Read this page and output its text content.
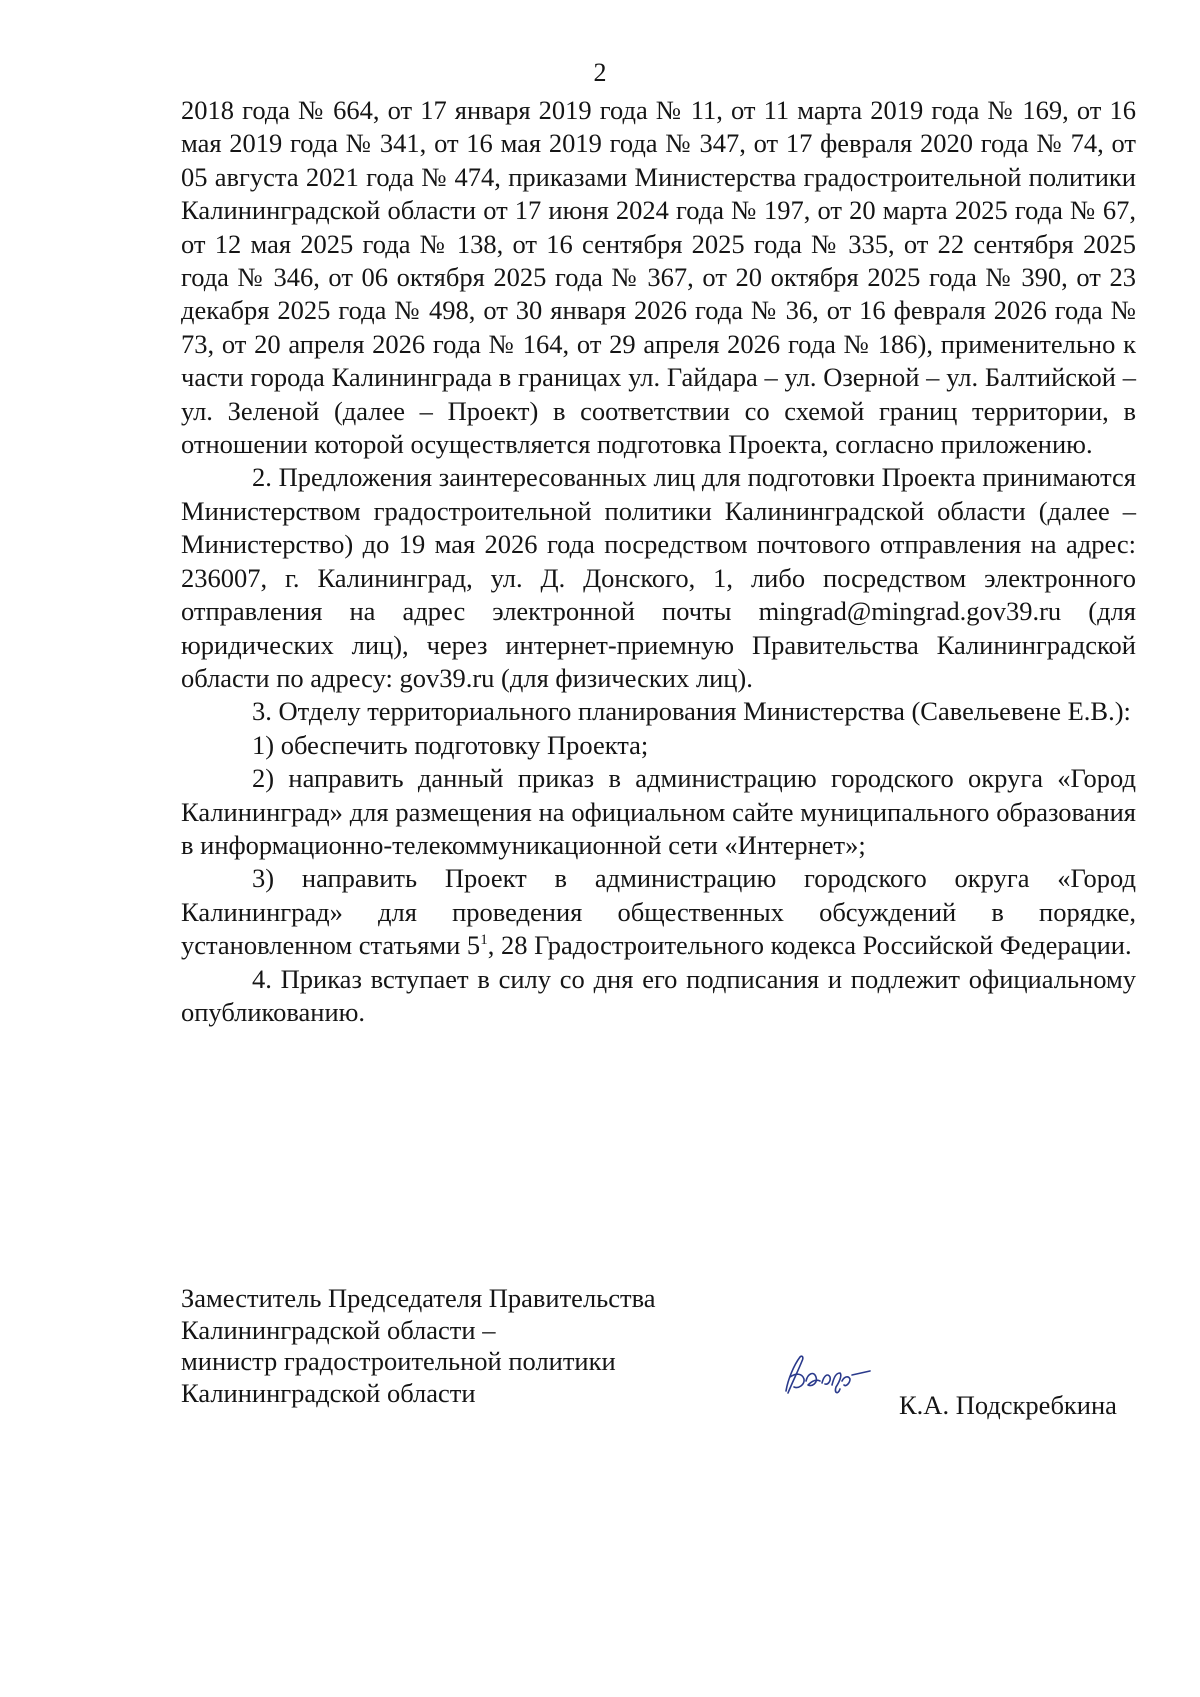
2

2018 года № 664, от 17 января 2019 года № 11, от 11 марта 2019 года № 169, от 16 мая 2019 года № 341, от 16 мая 2019 года № 347, от 17 февраля 2020 года № 74, от 05 августа 2021 года № 474, приказами Министерства градостроительной политики Калининградской области от 17 июня 2024 года № 197, от 20 марта 2025 года № 67, от 12 мая 2025 года № 138, от 16 сентября 2025 года № 335, от 22 сентября 2025 года № 346, от 06 октября 2025 года № 367, от 20 октября 2025 года № 390, от 23 декабря 2025 года № 498, от 30 января 2026 года № 36, от 16 февраля 2026 года № 73, от 20 апреля 2026 года № 164, от 29 апреля 2026 года № 186), применительно к части города Калининграда в границах ул. Гайдара – ул. Озерной – ул. Балтийской – ул. Зеленой (далее – Проект) в соответствии со схемой границ территории, в отношении которой осуществляется подготовка Проекта, согласно приложению.

2. Предложения заинтересованных лиц для подготовки Проекта принимаются Министерством градостроительной политики Калининградской области (далее – Министерство) до 19 мая 2026 года посредством почтового отправления на адрес: 236007, г. Калининград, ул. Д. Донского, 1, либо посредством электронного отправления на адрес электронной почты mingrad@mingrad.gov39.ru (для юридических лиц), через интернет-приемную Правительства Калининградской области по адресу: gov39.ru (для физических лиц).

3. Отделу территориального планирования Министерства (Савельевене Е.В.):

1) обеспечить подготовку Проекта;

2) направить данный приказ в администрацию городского округа «Город Калининград» для размещения на официальном сайте муниципального образования в информационно-телекоммуникационной сети «Интернет»;

3) направить Проект в администрацию городского округа «Город Калининград» для проведения общественных обсуждений в порядке, установленном статьями $5^1$, 28 Градостроительного кодекса Российской Федерации.

4. Приказ вступает в силу со дня его подписания и подлежит официальному опубликованию.

Заместитель Председателя Правительства
Калининградской области –
министр градостроительной политики
Калининградской области	К.А. Подскребкина
